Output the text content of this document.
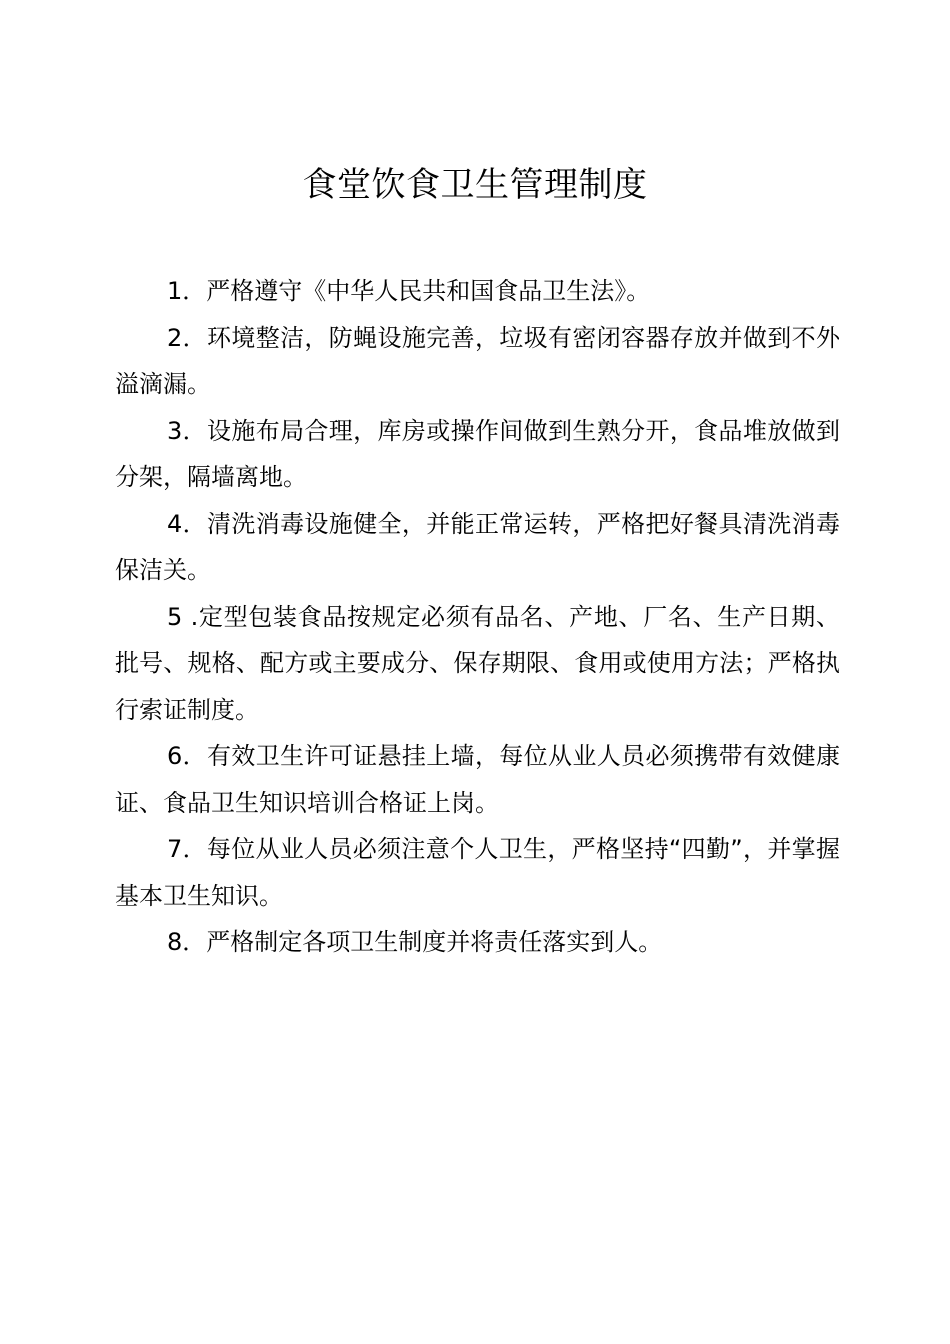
食堂饮食卫生管理制度

1．严格遵守《中华人民共和国食品卫生法》。

2．环境整洁，防蝇设施完善，垃圾有密闭容器存放并做到不外溢滴漏。

3．设施布局合理，库房或操作间做到生熟分开，食品堆放做到分架，隔墙离地。

4．清洗消毒设施健全，并能正常运转，严格把好餐具清洗消毒保洁关。

5 .定型包装食品按规定必须有品名、产地、厂名、生产日期、批号、规格、配方或主要成分、保存期限、食用或使用方法；严格执行索证制度。

6．有效卫生许可证悬挂上墙，每位从业人员必须携带有效健康证、食品卫生知识培训合格证上岗。

7．每位从业人员必须注意个人卫生，严格坚持“四勤”，并掌握基本卫生知识。

8．严格制定各项卫生制度并将责任落实到人。
